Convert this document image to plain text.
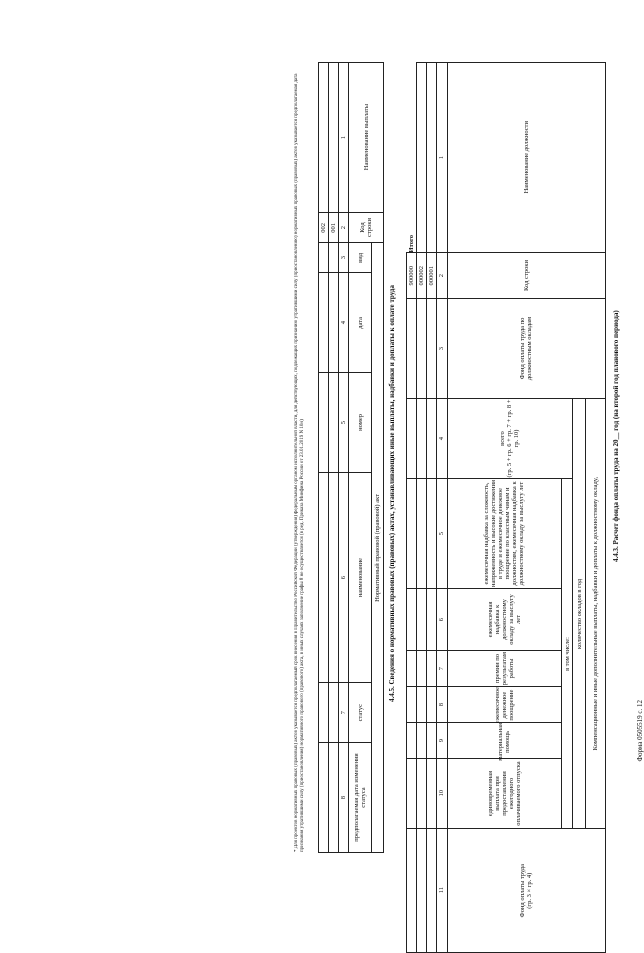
Форма 0505519 с. 12
4.4.3. Расчет фонда оплаты труда на 20__ год (на второй год планового периода)
Наименование должности	Код строки	Фонд оплаты труда по должностным окладам	Компенсационные и иные дополнительные выплаты, надбавки и доплаты к должностному окладу,							Фонд оплаты труда
(гр. 3 × гр. 4)
			количество окладов в год							
			всего
(гр. 5 + гр. 6 + гр. 7 + гр. 8 + гр. 10)	в том числе:						
				ежемесячная надбавка за сложность, напряженность и высокие достижения в труде и ежемесячное денежное поощрение по классным чинам и должностям, ежемесячная надбавка к должностному окладу за выслугу лет	ежемесячная надбавка к должностному окладу за выслугу лет	премии по результатам работы	ежемесячное денежное поощрение	материальная помощь	единовременная выплата при предоставлении ежегодного оплачиваемого отпуска	
1	2	3	4	5	6	7	8	9	10	11
	000001									
	000002									
Итого	900000									
4.4.5. Сведения о нормативных правовых (правовых) актах, устанавливающих иные выплаты, надбавки и доплаты к оплате труда
Наименование выплаты	Код строки	Нормативный правовой (правовой) акт					
		вид	дата	номер	наименование	статус	предполагаемая дата изменения статуса
1	2	3	4	5	6	7	8
	001						
	002						
* Для проектов нормативных правовых (правовых) актов указывается предполагаемый срок внесения в Правительство Российской Федерации (утверждения) федеральным органом исполнительной власти, для действующих, подлежащих признанию утратившими силу (приостановлению) нормативных правовых (правовых) актов указывается предполагаемая дата признания утратившими силу (приостановления) нормативного правового (правового) акта, в иных случаях заполнение графы 8 не осуществляется (в ред. Приказа Минфина России от 23.01.2019 N 10н)
